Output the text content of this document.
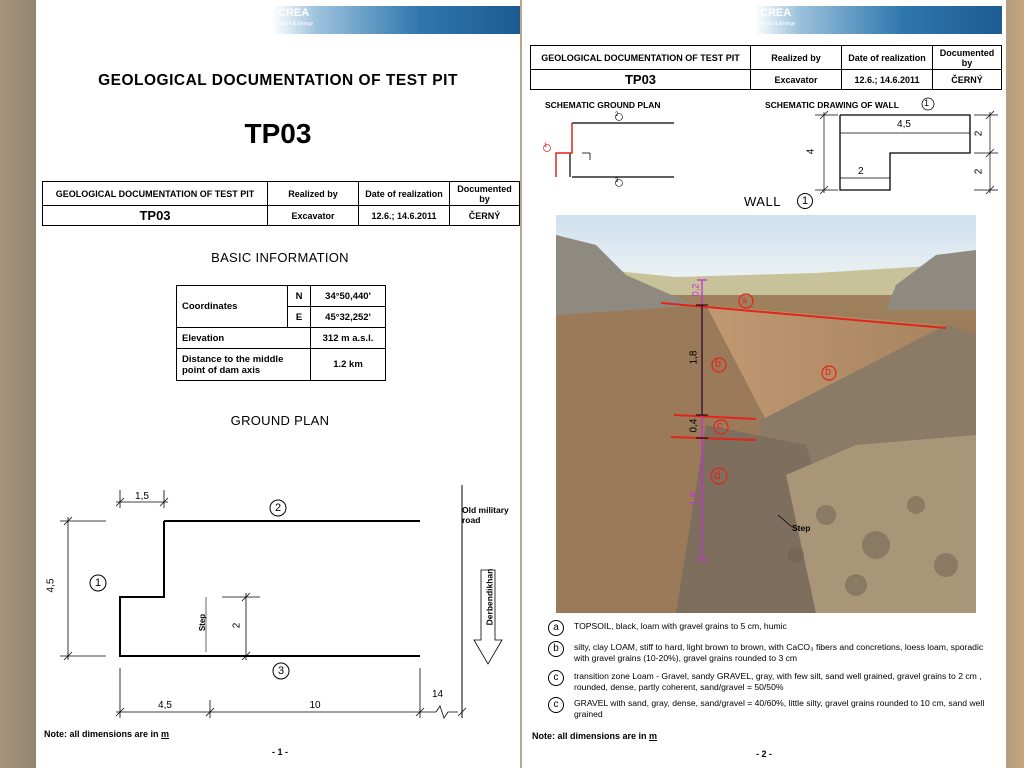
CREA
Hydro & Energy
GEOLOGICAL DOCUMENTATION OF TEST PIT
TP03
GEOLOGICAL DOCUMENTATION OF TEST PIT	Realized by	Date of realization	Documented by
TP03	Excavator	12.6.; 14.6.2011	ČERNÝ
BASIC INFORMATION
Coordinates	N	34°50,440'
	E	45°32,252'
Elevation		312 m a.s.l.
Distance to the middle point of dam axis		1.2 km
GROUND PLAN
1,5
4,5
2
4,5	10
14
2
1
3
Step
Old military road
Derbendikhan
Note: all dimensions are in m
- 1 -
CREA
Hydro & Energy
GEOLOGICAL DOCUMENTATION OF TEST PIT	Realized by	Date of realization	Documented by
TP03	Excavator	12.6.; 14.6.2011	ČERNÝ
SCHEMATIC GROUND PLAN	SCHEMATIC DRAWING OF WALL
2
3
1
1
4,5
4
2
2
2
WALL	1
a
b
b
c
d
1,8
0,4
1,6
0,2
Step
a	TOPSOIL, black, loam with gravel grains to 5 cm, humic
b	silty, clay LOAM, stiff to hard, light brown to brown, with CaCO₃ fibers and concretions, loess loam, sporadic with gravel grains (10-20%), gravel grains rounded to 3 cm
c	transition zone Loam - Gravel, sandy GRAVEL, gray, with few silt, sand well grained, gravel grains to 2 cm , rounded, dense, partly coherent, sand/gravel = 50/50%
c	GRAVEL with sand, gray, dense, sand/gravel = 40/60%, little silty, gravel grains rounded to 10 cm, sand well grained
Note: all dimensions are in m
- 2 -
